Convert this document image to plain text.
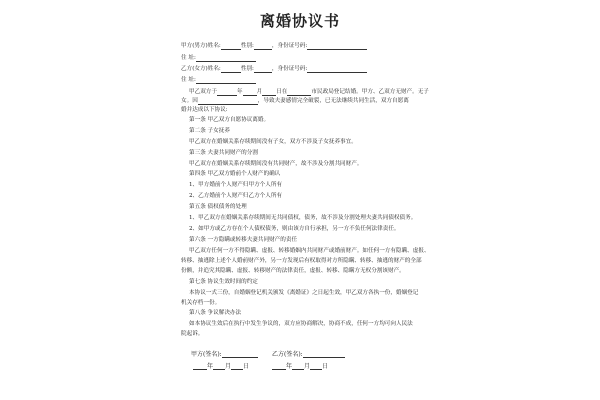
离婚协议书
甲方(男方)姓名:	性别:	，身份证号码:
住 址:
乙方(女方)姓名:	性别:	，身份证号码:
住 址:
甲乙双方于	年	月	日在	市民政局登记结婚。甲方、乙双方无财产。无子
女。因	，导致夫妻感情完全破裂，已无法继续共同生活，双方自愿离
婚并达成以下协议:
第一条 甲乙双方自愿协议离婚。
第二条 子女抚养
甲乙双方在婚姻关系存续期间没有子女，双方不涉及子女抚养事宜。
第三条 夫妻共同财产的分割
甲乙双方在婚姻关系存续期间没有共同财产，故不涉及分割共同财产。
第四条 甲乙双方婚前个人财产的确认
1、甲方婚前个人财产归甲方个人所有
2、乙方婚前个人财产归乙方个人所有
第五条 债权债务的处理
1、甲乙双方在婚姻关系存续期间无共同债权，债务，故不涉及分割处理夫妻共同债权债务。
2、如甲方或乙方存在个人债权债务，则由该方自行承担，另一方不负任何法律责任。
第六条 一方隐瞒或转移夫妻共同财产的责任
甲乙双方任何一方不得隐瞒、虚报、转移婚姻内共同财产或婚前财产。如任何一方有隐瞒、虚报、
转移、抽逃除上述个人婚前财产外，另一方发现后有权取得对方所隐瞒、转移、抽逃的财产的全部
份额，并追究其隐瞒、虚报、转移财产的法律责任，虚报、转移、隐瞒方无权分割该财产。
第七条 协议生效时间的约定
本协议一式三份，自婚姻登记机关颁发《离婚证》之日起生效，甲乙双方各执一份，婚姻登记
机关存档一份。
第八条 争议解决办法
如本协议生效后在执行中发生争议的，双方应协商解决，协商不成，任何一方均可向人民法
院起诉。
甲方(签名):	乙方(签名):
年 月 日	年 月 日
